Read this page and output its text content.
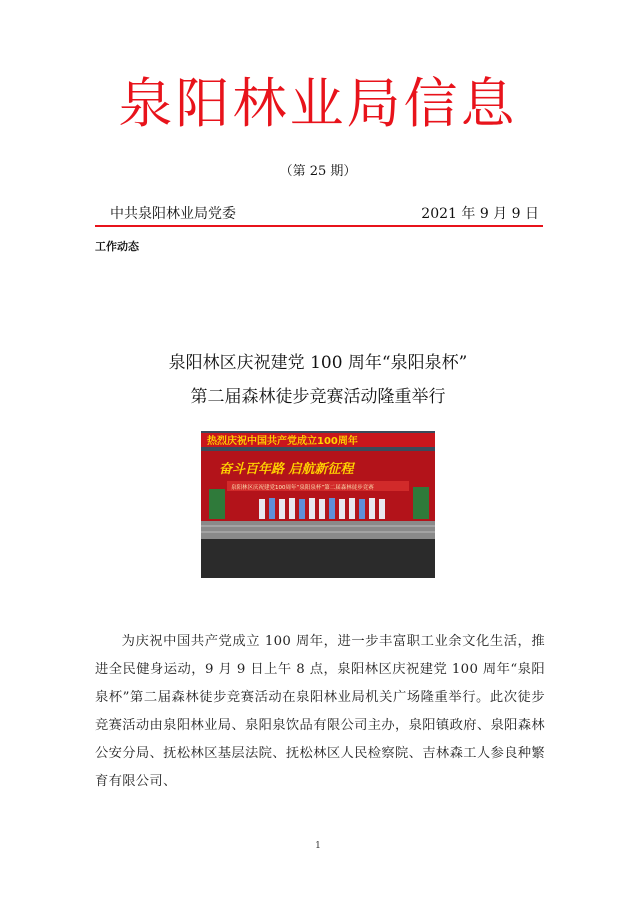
泉阳林业局信息
（第 25 期）
中共泉阳林业局党委	2021 年 9 月 9 日
工作动态
泉阳林区庆祝建党 100 周年“泉阳泉杯”
第二届森林徒步竞赛活动隆重举行
热烈庆祝中国共产党成立100周年
奋斗百年路 启航新征程
泉阳林区庆祝建党100周年“泉阳泉杯”第二届森林徒步竞赛

为庆祝中国共产党成立 100 周年，进一步丰富职工业余文化生活，推进全民健身运动，9 月 9 日上午 8 点，泉阳林区庆祝建党 100 周年“泉阳泉杯”第二届森林徒步竞赛活动在泉阳林业局机关广场隆重举行。此次徒步竞赛活动由泉阳林业局、泉阳泉饮品有限公司主办，泉阳镇政府、泉阳森林公安分局、抚松林区基层法院、抚松林区人民检察院、吉林森工人参良种繁育有限公司、

1
